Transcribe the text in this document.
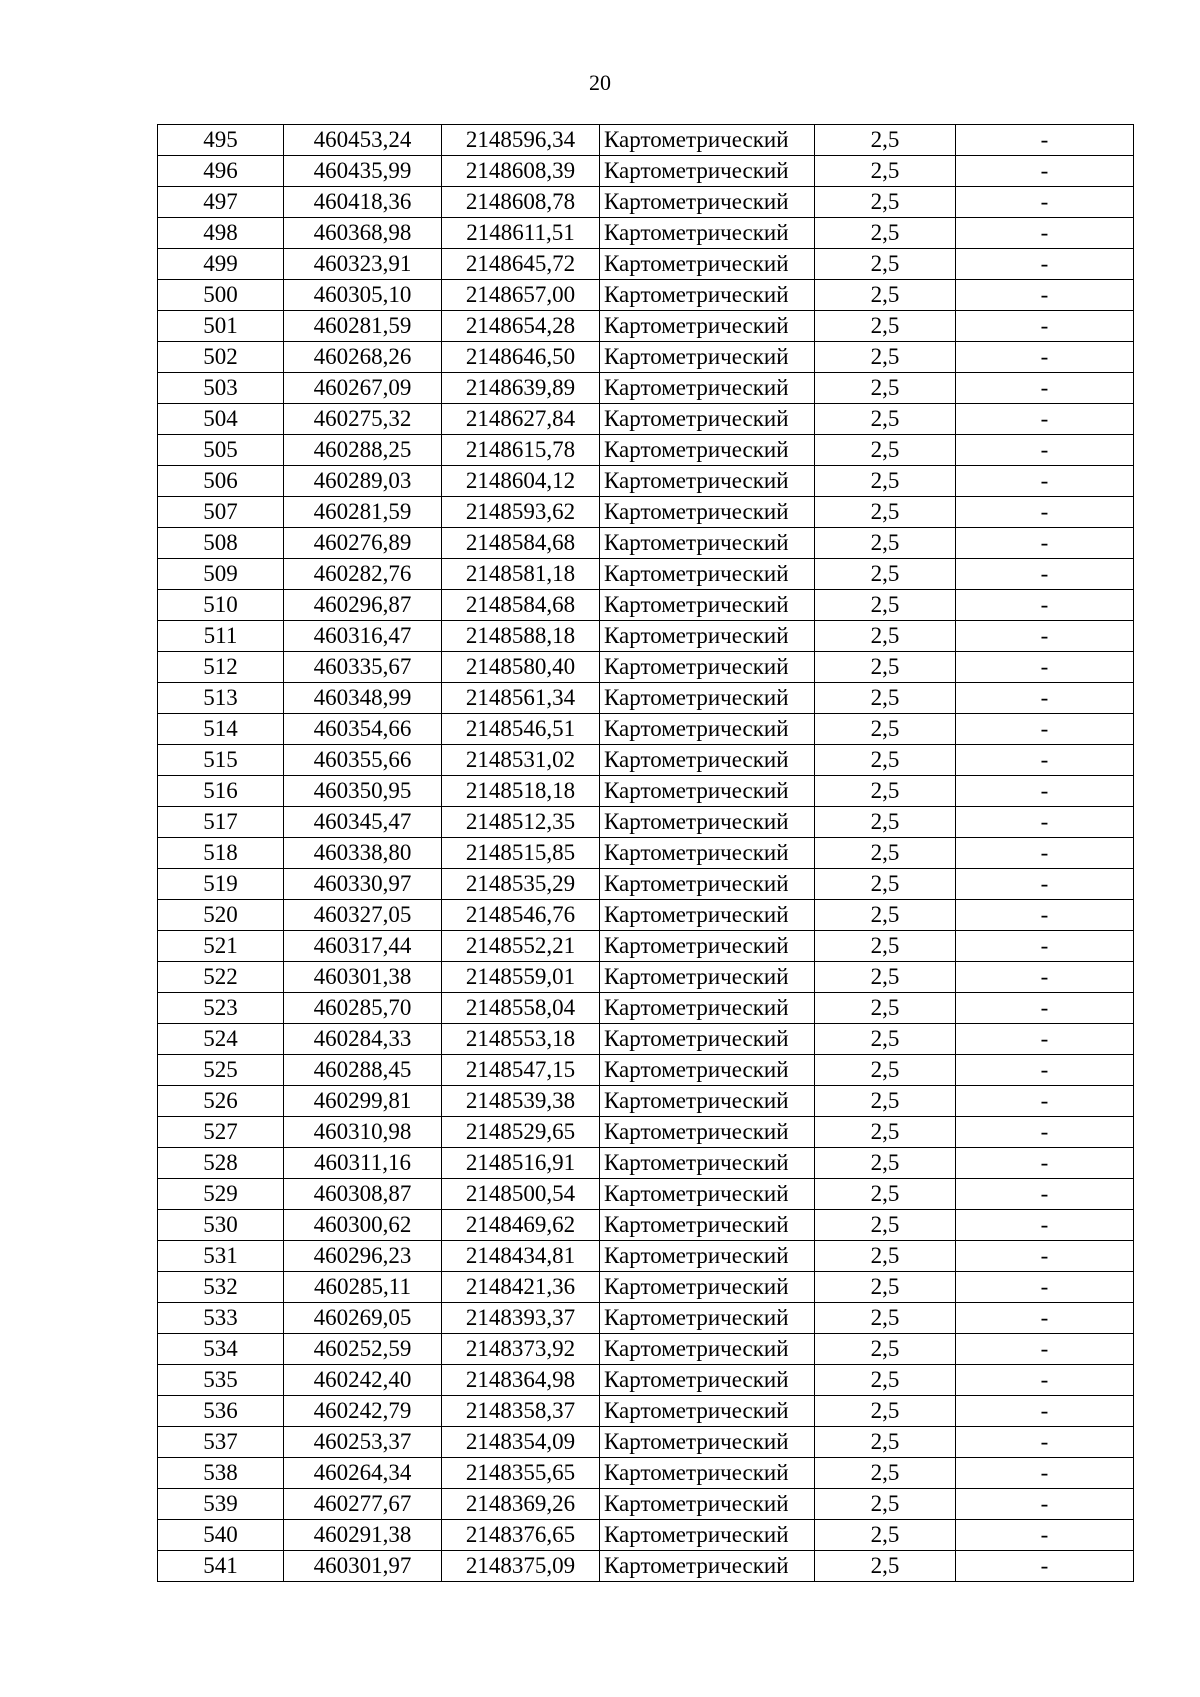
20
495	460453,24	2148596,34	Картометрический	2,5	-
496	460435,99	2148608,39	Картометрический	2,5	-
497	460418,36	2148608,78	Картометрический	2,5	-
498	460368,98	2148611,51	Картометрический	2,5	-
499	460323,91	2148645,72	Картометрический	2,5	-
500	460305,10	2148657,00	Картометрический	2,5	-
501	460281,59	2148654,28	Картометрический	2,5	-
502	460268,26	2148646,50	Картометрический	2,5	-
503	460267,09	2148639,89	Картометрический	2,5	-
504	460275,32	2148627,84	Картометрический	2,5	-
505	460288,25	2148615,78	Картометрический	2,5	-
506	460289,03	2148604,12	Картометрический	2,5	-
507	460281,59	2148593,62	Картометрический	2,5	-
508	460276,89	2148584,68	Картометрический	2,5	-
509	460282,76	2148581,18	Картометрический	2,5	-
510	460296,87	2148584,68	Картометрический	2,5	-
511	460316,47	2148588,18	Картометрический	2,5	-
512	460335,67	2148580,40	Картометрический	2,5	-
513	460348,99	2148561,34	Картометрический	2,5	-
514	460354,66	2148546,51	Картометрический	2,5	-
515	460355,66	2148531,02	Картометрический	2,5	-
516	460350,95	2148518,18	Картометрический	2,5	-
517	460345,47	2148512,35	Картометрический	2,5	-
518	460338,80	2148515,85	Картометрический	2,5	-
519	460330,97	2148535,29	Картометрический	2,5	-
520	460327,05	2148546,76	Картометрический	2,5	-
521	460317,44	2148552,21	Картометрический	2,5	-
522	460301,38	2148559,01	Картометрический	2,5	-
523	460285,70	2148558,04	Картометрический	2,5	-
524	460284,33	2148553,18	Картометрический	2,5	-
525	460288,45	2148547,15	Картометрический	2,5	-
526	460299,81	2148539,38	Картометрический	2,5	-
527	460310,98	2148529,65	Картометрический	2,5	-
528	460311,16	2148516,91	Картометрический	2,5	-
529	460308,87	2148500,54	Картометрический	2,5	-
530	460300,62	2148469,62	Картометрический	2,5	-
531	460296,23	2148434,81	Картометрический	2,5	-
532	460285,11	2148421,36	Картометрический	2,5	-
533	460269,05	2148393,37	Картометрический	2,5	-
534	460252,59	2148373,92	Картометрический	2,5	-
535	460242,40	2148364,98	Картометрический	2,5	-
536	460242,79	2148358,37	Картометрический	2,5	-
537	460253,37	2148354,09	Картометрический	2,5	-
538	460264,34	2148355,65	Картометрический	2,5	-
539	460277,67	2148369,26	Картометрический	2,5	-
540	460291,38	2148376,65	Картометрический	2,5	-
541	460301,97	2148375,09	Картометрический	2,5	-
